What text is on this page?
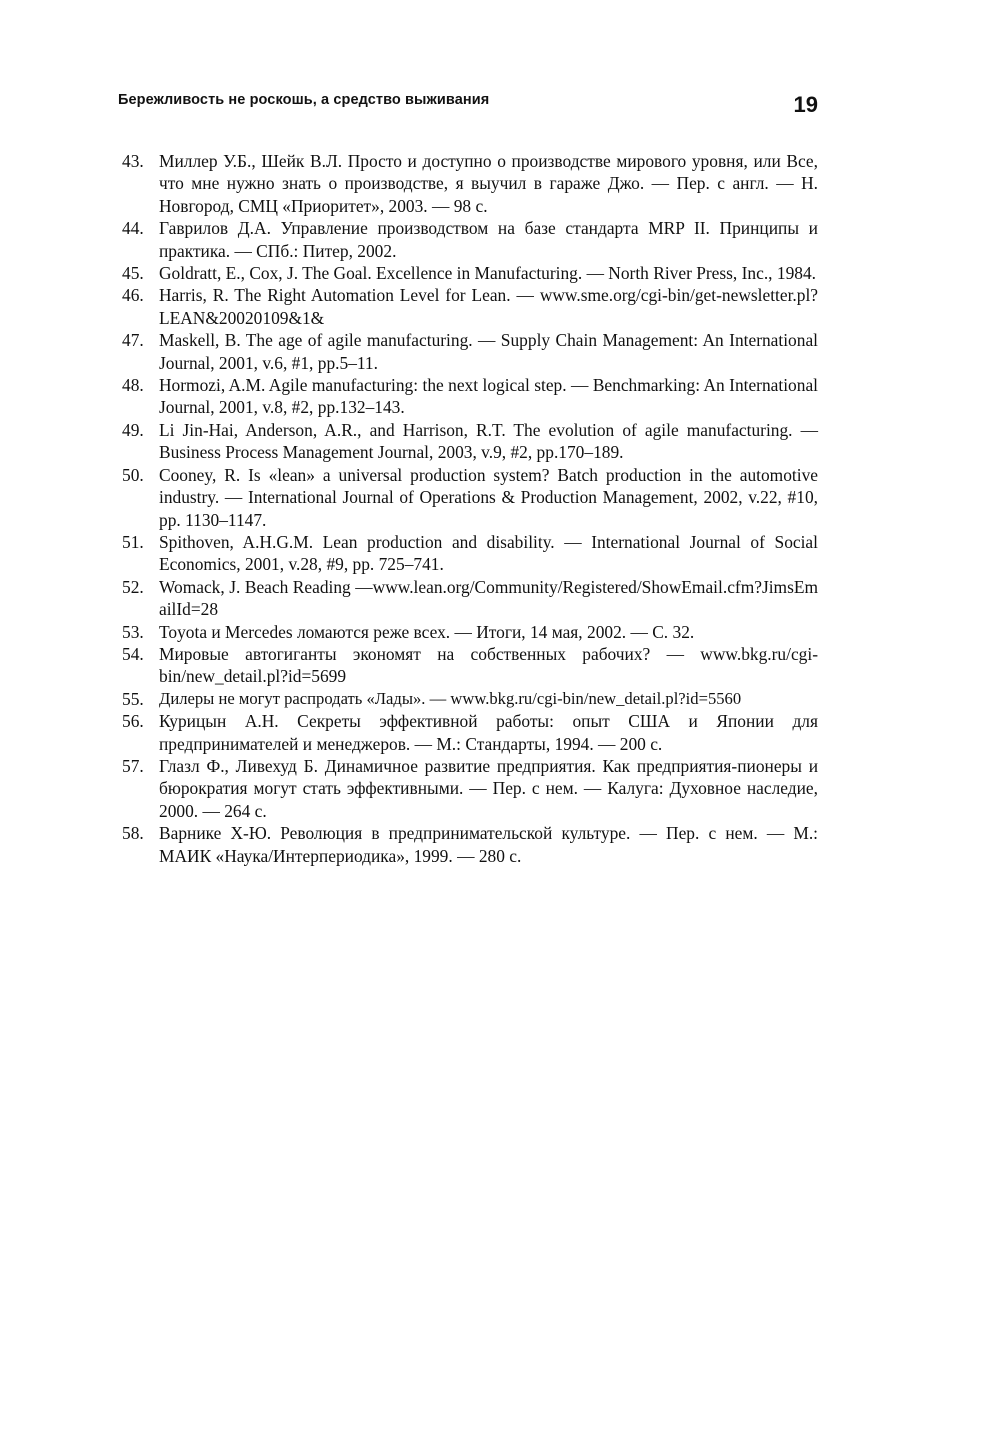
Бережливость не роскошь, а средство выживания	19
43. Миллер У.Б., Шейк В.Л. Просто и доступно о производстве мирового уровня, или Все, что мне нужно знать о производстве, я выучил в гараже Джо. — Пер. с англ. — Н. Новгород, СМЦ «Приоритет», 2003. — 98 с.
44. Гаврилов Д.А. Управление производством на базе стандарта MRP II. Принципы и практика. — СПб.: Питер, 2002.
45. Goldratt, E., Cox, J. The Goal. Excellence in Manufacturing. — North River Press, Inc., 1984.
46. Harris, R. The Right Automation Level for Lean. — www.sme.org/cgi-bin/get-newsletter.pl?LEAN&20020109&1&
47. Maskell, B. The age of agile manufacturing. — Supply Chain Management: An International Journal, 2001, v.6, #1, pp.5–11.
48. Hormozi, A.M. Agile manufacturing: the next logical step. — Benchmarking: An International Journal, 2001, v.8, #2, pp.132–143.
49. Li Jin-Hai, Anderson, A.R., and Harrison, R.T. The evolution of agile manufacturing. — Business Process Management Journal, 2003, v.9, #2, pp.170–189.
50. Cooney, R. Is «lean» a universal production system? Batch production in the automotive industry. — International Journal of Operations & Production Management, 2002, v.22, #10, pp. 1130–1147.
51. Spithoven, A.H.G.M. Lean production and disability. — International Journal of Social Economics, 2001, v.28, #9, pp. 725–741.
52. Womack, J. Beach Reading —www.lean.org/Community/Registered/ShowEmail.cfm?JimsEmailId=28
53. Toyota и Mercedes ломаются реже всех. — Итоги, 14 мая, 2002. — С. 32.
54. Мировые автогиганты экономят на собственных рабочих? — www.bkg.ru/cgi-bin/new_detail.pl?id=5699
55. Дилеры не могут распродать «Лады». — www.bkg.ru/cgi-bin/new_detail.pl?id=5560
56. Курицын А.Н. Секреты эффективной работы: опыт США и Японии для предпринимателей и менеджеров. — М.: Стандарты, 1994. — 200 с.
57. Глазл Ф., Ливехуд Б. Динамичное развитие предприятия. Как предприятия-пионеры и бюрократия могут стать эффективными. — Пер. с нем. — Калуга: Духовное наследие, 2000. — 264 с.
58. Варнике Х-Ю. Революция в предпринимательской культуре. — Пер. с нем. — М.: МАИК «Наука/Интерпериодика», 1999. — 280 с.
